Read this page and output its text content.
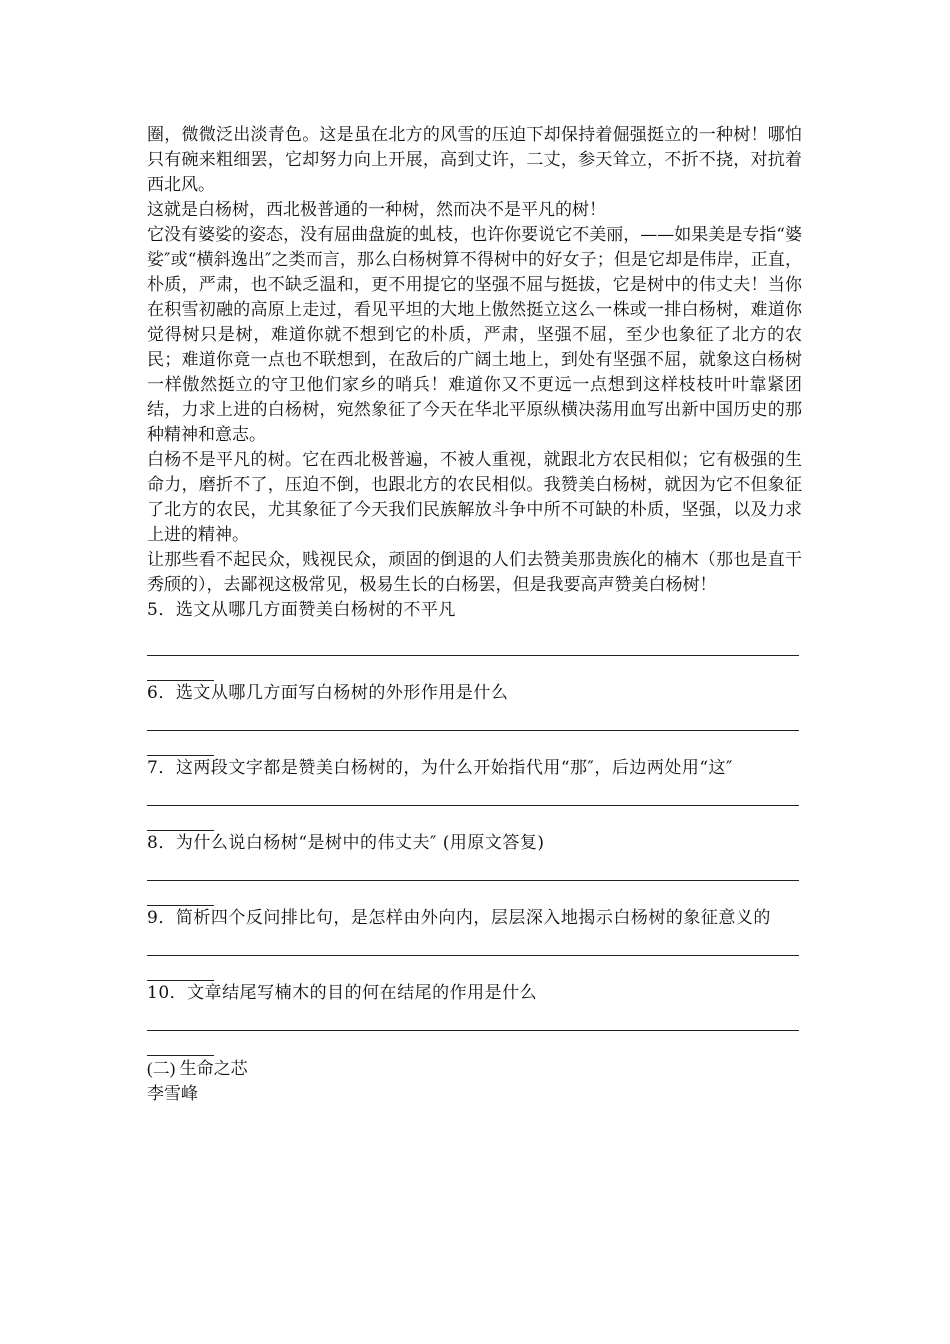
圈，微微泛出淡青色。这是虽在北方的风雪的压迫下却保持着倔强挺立的一种树！哪怕只有碗来粗细罢，它却努力向上开展，高到丈许，二丈，参天耸立，不折不挠，对抗着西北风。

这就是白杨树，西北极普通的一种树，然而决不是平凡的树！

它没有婆娑的姿态，没有屈曲盘旋的虬枝，也许你要说它不美丽，——如果美是专指“婆娑″或“横斜逸出″之类而言，那么白杨树算不得树中的好女子；但是它却是伟岸，正直，朴质，严肃，也不缺乏温和，更不用提它的坚强不屈与挺拔，它是树中的伟丈夫！当你在积雪初融的高原上走过，看见平坦的大地上傲然挺立这么一株或一排白杨树，难道你觉得树只是树，难道你就不想到它的朴质，严肃，坚强不屈，至少也象征了北方的农民；难道你竟一点也不联想到，在敌后的广阔土地上，到处有坚强不屈，就象这白杨树一样傲然挺立的守卫他们家乡的哨兵！难道你又不更远一点想到这样枝枝叶叶靠紧团结，力求上进的白杨树，宛然象征了今天在华北平原纵横决荡用血写出新中国历史的那种精神和意志。

白杨不是平凡的树。它在西北极普遍，不被人重视，就跟北方农民相似；它有极强的生命力，磨折不了，压迫不倒，也跟北方的农民相似。我赞美白杨树，就因为它不但象征了北方的农民，尤其象征了今天我们民族解放斗争中所不可缺的朴质，坚强，以及力求上进的精神。

让那些看不起民众，贱视民众，顽固的倒退的人们去赞美那贵族化的楠木（那也是直干秀颀的），去鄙视这极常见，极易生长的白杨罢，但是我要高声赞美白杨树！

5．选文从哪几方面赞美白杨树的不平凡

6．选文从哪几方面写白杨树的外形作用是什么

7．这两段文字都是赞美白杨树的，为什么开始指代用“那″，后边两处用“这″

8．为什么说白杨树“是树中的伟丈夫″ (用原文答复)

9．简析四个反问排比句，是怎样由外向内，层层深入地揭示白杨树的象征意义的

10．文章结尾写楠木的目的何在结尾的作用是什么

(二) 生命之芯

李雪峰
